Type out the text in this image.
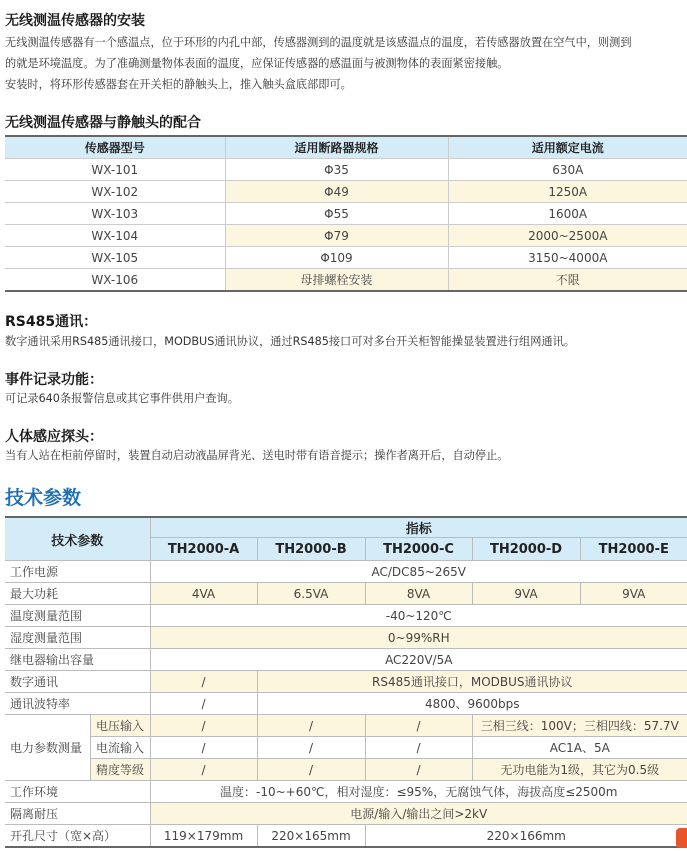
无线测温传感器的安装
无线测温传感器有一个感温点，位于环形的内孔中部，传感器测到的温度就是该感温点的温度，若传感器放置在空气中，则测到
的就是环境温度。为了准确测量物体表面的温度，应保证传感器的感温面与被测物体的表面紧密接触。
安装时，将环形传感器套在开关柜的静触头上，推入触头盒底部即可。
无线测温传感器与静触头的配合
传感器型号	适用断路器规格	适用额定电流
WX-101	Φ35	630A
WX-102	Φ49	1250A
WX-103	Φ55	1600A
WX-104	Φ79	2000~2500A
WX-105	Φ109	3150~4000A
WX-106	母排螺栓安装	不限
RS485通讯：
数字通讯采用RS485通讯接口，MODBUS通讯协议，通过RS485接口可对多台开关柜智能操显装置进行组网通讯。
事件记录功能：
可记录640条报警信息或其它事件供用户查询。
人体感应探头：
当有人站在柜前停留时，装置自动启动液晶屏背光、送电时带有语音提示；操作者离开后，自动停止。
技术参数
技术参数		指标				
		TH2000-A	TH2000-B	TH2000-C	TH2000-D	TH2000-E
工作电源		AC/DC85~265V				
最大功耗		4VA	6.5VA	8VA	9VA	9VA
温度测量范围		-40~120℃				
湿度测量范围		0~99%RH				
继电器输出容量		AC220V/5A				
数字通讯		/	RS485通讯接口，MODBUS通讯协议			
通讯波特率		/	4800、9600bps			
电力参数测量	电压输入	/	/	/	三相三线：100V；三相四线：57.7V	
	电流输入	/	/	/	AC1A、5A	
	精度等级	/	/	/	无功电能为1级，其它为0.5级	
工作环境		温度：-10~+60℃，相对湿度：≤95%，无腐蚀气体，海拔高度≤2500m				
隔离耐压		电源/输入/输出之间>2kV				
开孔尺寸（宽×高）		119×179mm	220×165mm	220×166mm		
